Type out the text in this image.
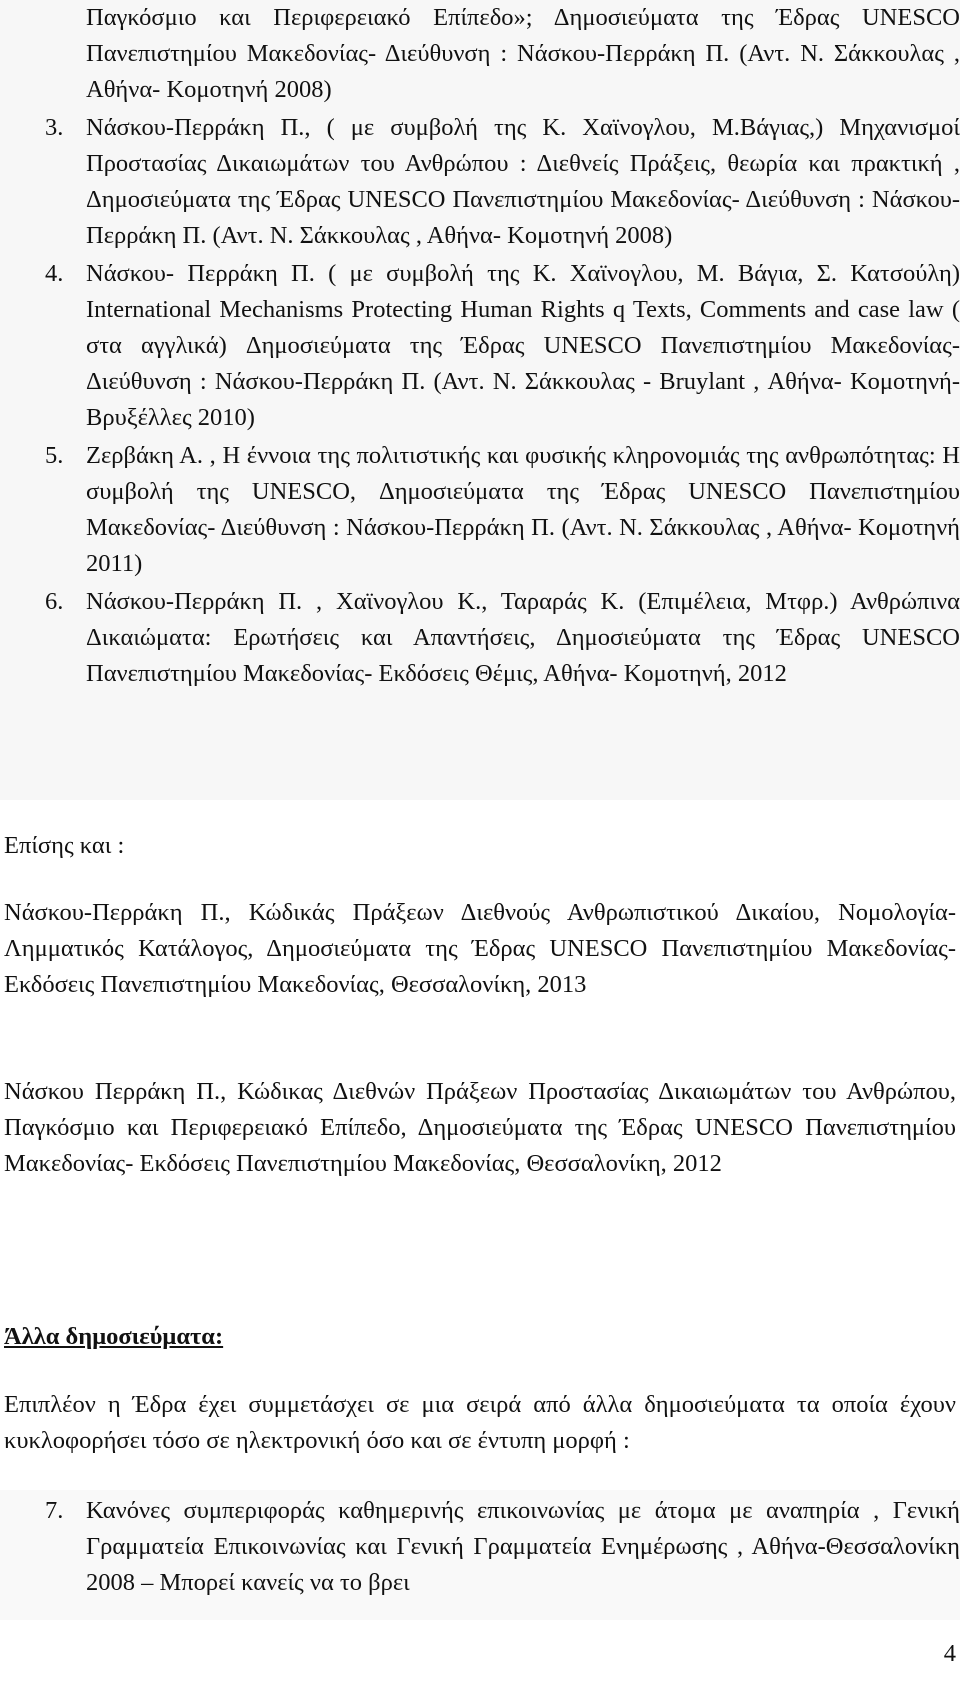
Παγκόσμιο και Περιφερειακό Επίπεδο»; Δημοσιεύματα της Έδρας UNESCO Πανεπιστημίου Μακεδονίας- Διεύθυνση : Νάσκου-Περράκη Π. (Αντ. Ν. Σάκκουλας , Αθήνα- Κομοτηνή 2008)
3. Νάσκου-Περράκη Π., ( με συμβολή της Κ. Χαϊνογλου, Μ.Βάγιας,) Μηχανισμοί Προστασίας Δικαιωμάτων του Ανθρώπου : Διεθνείς Πράξεις, θεωρία και πρακτική , Δημοσιεύματα της Έδρας UNESCO Πανεπιστημίου Μακεδονίας- Διεύθυνση : Νάσκου-Περράκη Π. (Αντ. Ν. Σάκκουλας , Αθήνα- Κομοτηνή 2008)
4. Νάσκου- Περράκη Π. ( με συμβολή της Κ. Χαϊνογλου, Μ. Βάγια, Σ. Κατσούλη) International Mechanisms Protecting Human Rights q Texts, Comments and case law ( στα αγγλικά) Δημοσιεύματα της Έδρας UNESCO Πανεπιστημίου Μακεδονίας- Διεύθυνση : Νάσκου-Περράκη Π. (Αντ. Ν. Σάκκουλας - Bruylant , Αθήνα- Κομοτηνή-Βρυξέλλες 2010)
5. Ζερβάκη Α. , Η έννοια της πολιτιστικής και φυσικής κληρονομιάς της ανθρωπότητας: Η συμβολή της UNESCO, Δημοσιεύματα της Έδρας UNESCO Πανεπιστημίου Μακεδονίας- Διεύθυνση : Νάσκου-Περράκη Π. (Αντ. Ν. Σάκκουλας , Αθήνα- Κομοτηνή 2011)
6. Νάσκου-Περράκη Π. , Χαϊνογλου Κ., Ταραράς Κ. (Επιμέλεια, Μτφρ.) Ανθρώπινα Δικαιώματα: Ερωτήσεις και Απαντήσεις, Δημοσιεύματα της Έδρας UNESCO Πανεπιστημίου Μακεδονίας- Εκδόσεις Θέμις, Αθήνα- Κομοτηνή, 2012
Επίσης και :
Νάσκου-Περράκη Π., Κώδικάς Πράξεων Διεθνούς Ανθρωπιστικού Δικαίου, Νομολογία- Λημματικός Κατάλογος, Δημοσιεύματα της Έδρας UNESCO Πανεπιστημίου Μακεδονίας- Εκδόσεις Πανεπιστημίου Μακεδονίας, Θεσσαλονίκη, 2013
Νάσκου Περράκη Π., Κώδικας Διεθνών Πράξεων Προστασίας Δικαιωμάτων του Ανθρώπου, Παγκόσμιο και Περιφερειακό Επίπεδο, Δημοσιεύματα της Έδρας UNESCO Πανεπιστημίου Μακεδονίας- Εκδόσεις Πανεπιστημίου Μακεδονίας, Θεσσαλονίκη, 2012
Άλλα δημοσιεύματα:
Επιπλέον η Έδρα έχει συμμετάσχει σε μια σειρά από άλλα δημοσιεύματα τα οποία έχουν κυκλοφορήσει τόσο σε ηλεκτρονική όσο και σε έντυπη μορφή :
7. Κανόνες συμπεριφοράς καθημερινής επικοινωνίας με άτομα με αναπηρία , Γενική Γραμματεία Επικοινωνίας και Γενική Γραμματεία Ενημέρωσης , Αθήνα-Θεσσαλονίκη 2008 – Μπορεί κανείς να το βρει
4
